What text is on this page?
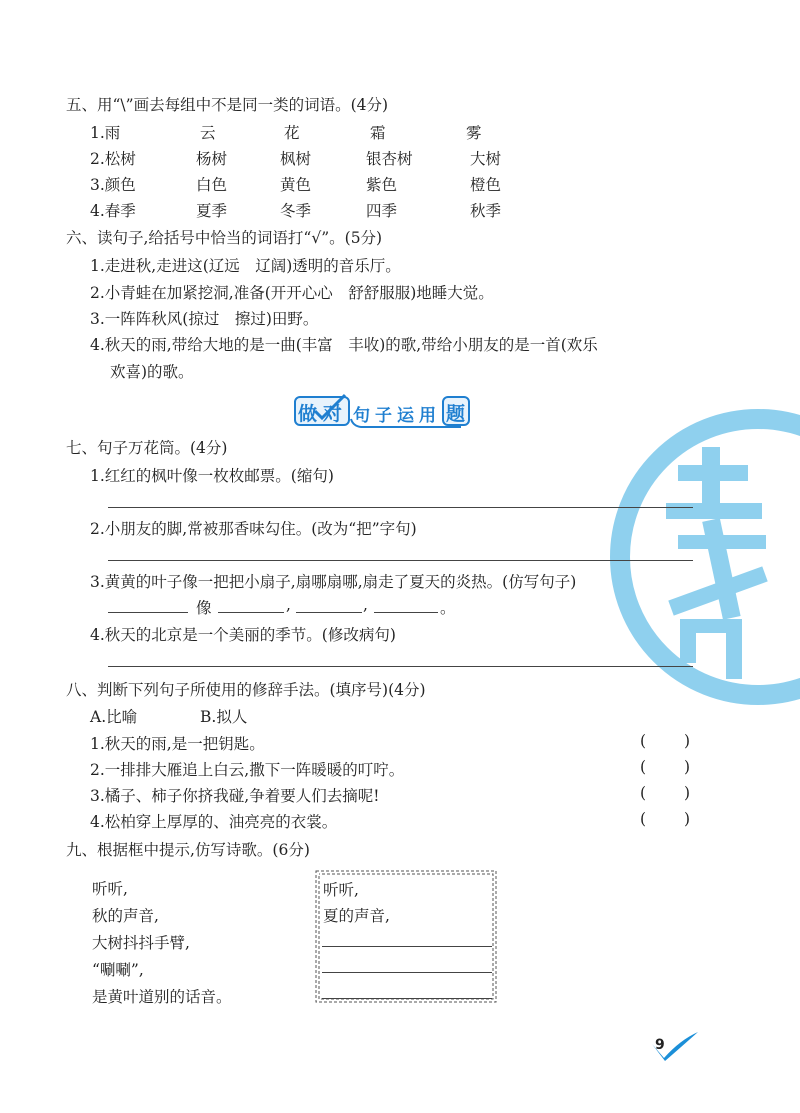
五、用“\”画去每组中不是同一类的词语。(4分)
1.雨	云	花	霜	雾
2.松树	杨树	枫树	银杏树	大树
3.颜色	白色	黄色	紫色	橙色
4.春季	夏季	冬季	四季	秋季
六、读句子,给括号中恰当的词语打“√”。(5分)
1.走进秋,走进这(辽远　辽阔)透明的音乐厅。
2.小青蛙在加紧挖洞,准备(开开心心　舒舒服服)地睡大觉。
3.一阵阵秋风(掠过　擦过)田野。
4.秋天的雨,带给大地的是一曲(丰富　丰收)的歌,带给小朋友的是一首(欢乐
欢喜)的歌。
做 对 句 子 运 用 题
七、句子万花筒。(4分)
1.红红的枫叶像一枚枚邮票。(缩句)
2.小朋友的脚,常被那香味勾住。(改为“把”字句)
3.黄黄的叶子像一把把小扇子,扇哪扇哪,扇走了夏天的炎热。(仿写句子)
像	,	,	。
4.秋天的北京是一个美丽的季节。(修改病句)
八、判断下列句子所使用的修辞手法。(填序号)(4分)
A.比喻	B.拟人
1.秋天的雨,是一把钥匙。	( )
2.一排排大雁追上白云,撒下一阵暖暖的叮咛。	( )
3.橘子、柿子你挤我碰,争着要人们去摘呢!	( )
4.松柏穿上厚厚的、油亮亮的衣裳。	( )
九、根据框中提示,仿写诗歌。(6分)
听听,
秋的声音,
大树抖抖手臂,
“唰唰”,
是黄叶道别的话音。
听听,
夏的声音,
9
